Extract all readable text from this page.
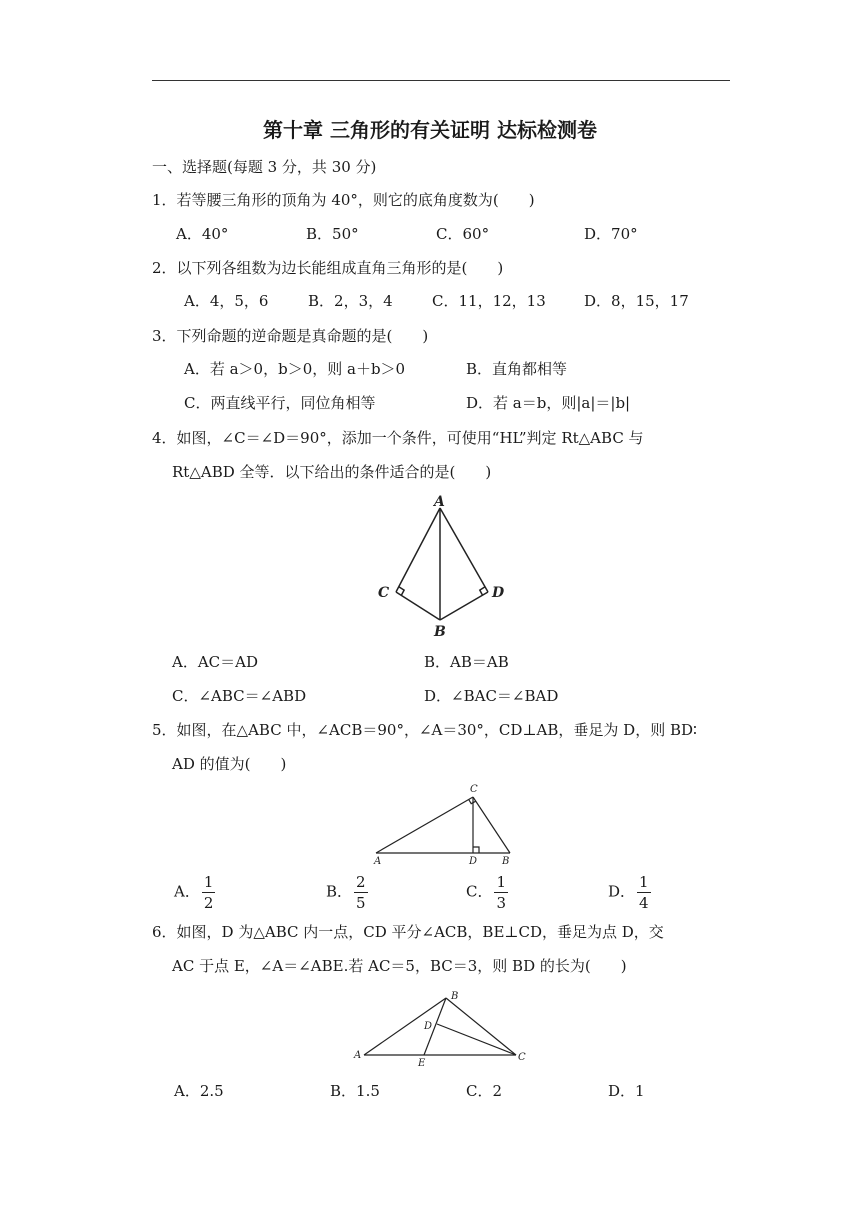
第十章 三角形的有关证明 达标检测卷
一、选择题(每题 3 分，共 30 分)
1．若等腰三角形的顶角为 40°，则它的底角度数为(　　)
A．40°	B．50°	C．60°	D．70°
2．以下列各组数为边长能组成直角三角形的是(　　)
A．4，5，6	B．2，3，4	C．11，12，13	D．8，15，17
3．下列命题的逆命题是真命题的是(　　)
A．若 a＞0，b＞0，则 a＋b＞0	B．直角都相等
C．两直线平行，同位角相等	D．若 a＝b，则|a|＝|b|
4．如图，∠C＝∠D＝90°，添加一个条件，可使用“HL”判定 Rt△ABC 与
Rt△ABD 全等．以下给出的条件适合的是(　　)
A
B
C	D
A．AC＝AD	B．AB＝AB
C．∠ABC＝∠ABD	D．∠BAC＝∠BAD
5．如图，在△ABC 中，∠ACB＝90°，∠A＝30°，CD⊥AB，垂足为 D，则 BD∶
AD 的值为(　　)
A	B
C
D
A． $\frac{1}{2}$	B． $\frac{2}{5}$	C． $\frac{1}{3}$	D． $\frac{1}{4}$
6．如图，D 为△ABC 内一点，CD 平分∠ACB，BE⊥CD，垂足为点 D，交
AC 于点 E，∠A＝∠ABE.若 AC＝5，BC＝3，则 BD 的长为(　　)
A
B
C
D
E
A．2.5	B．1.5	C．2	D．1
